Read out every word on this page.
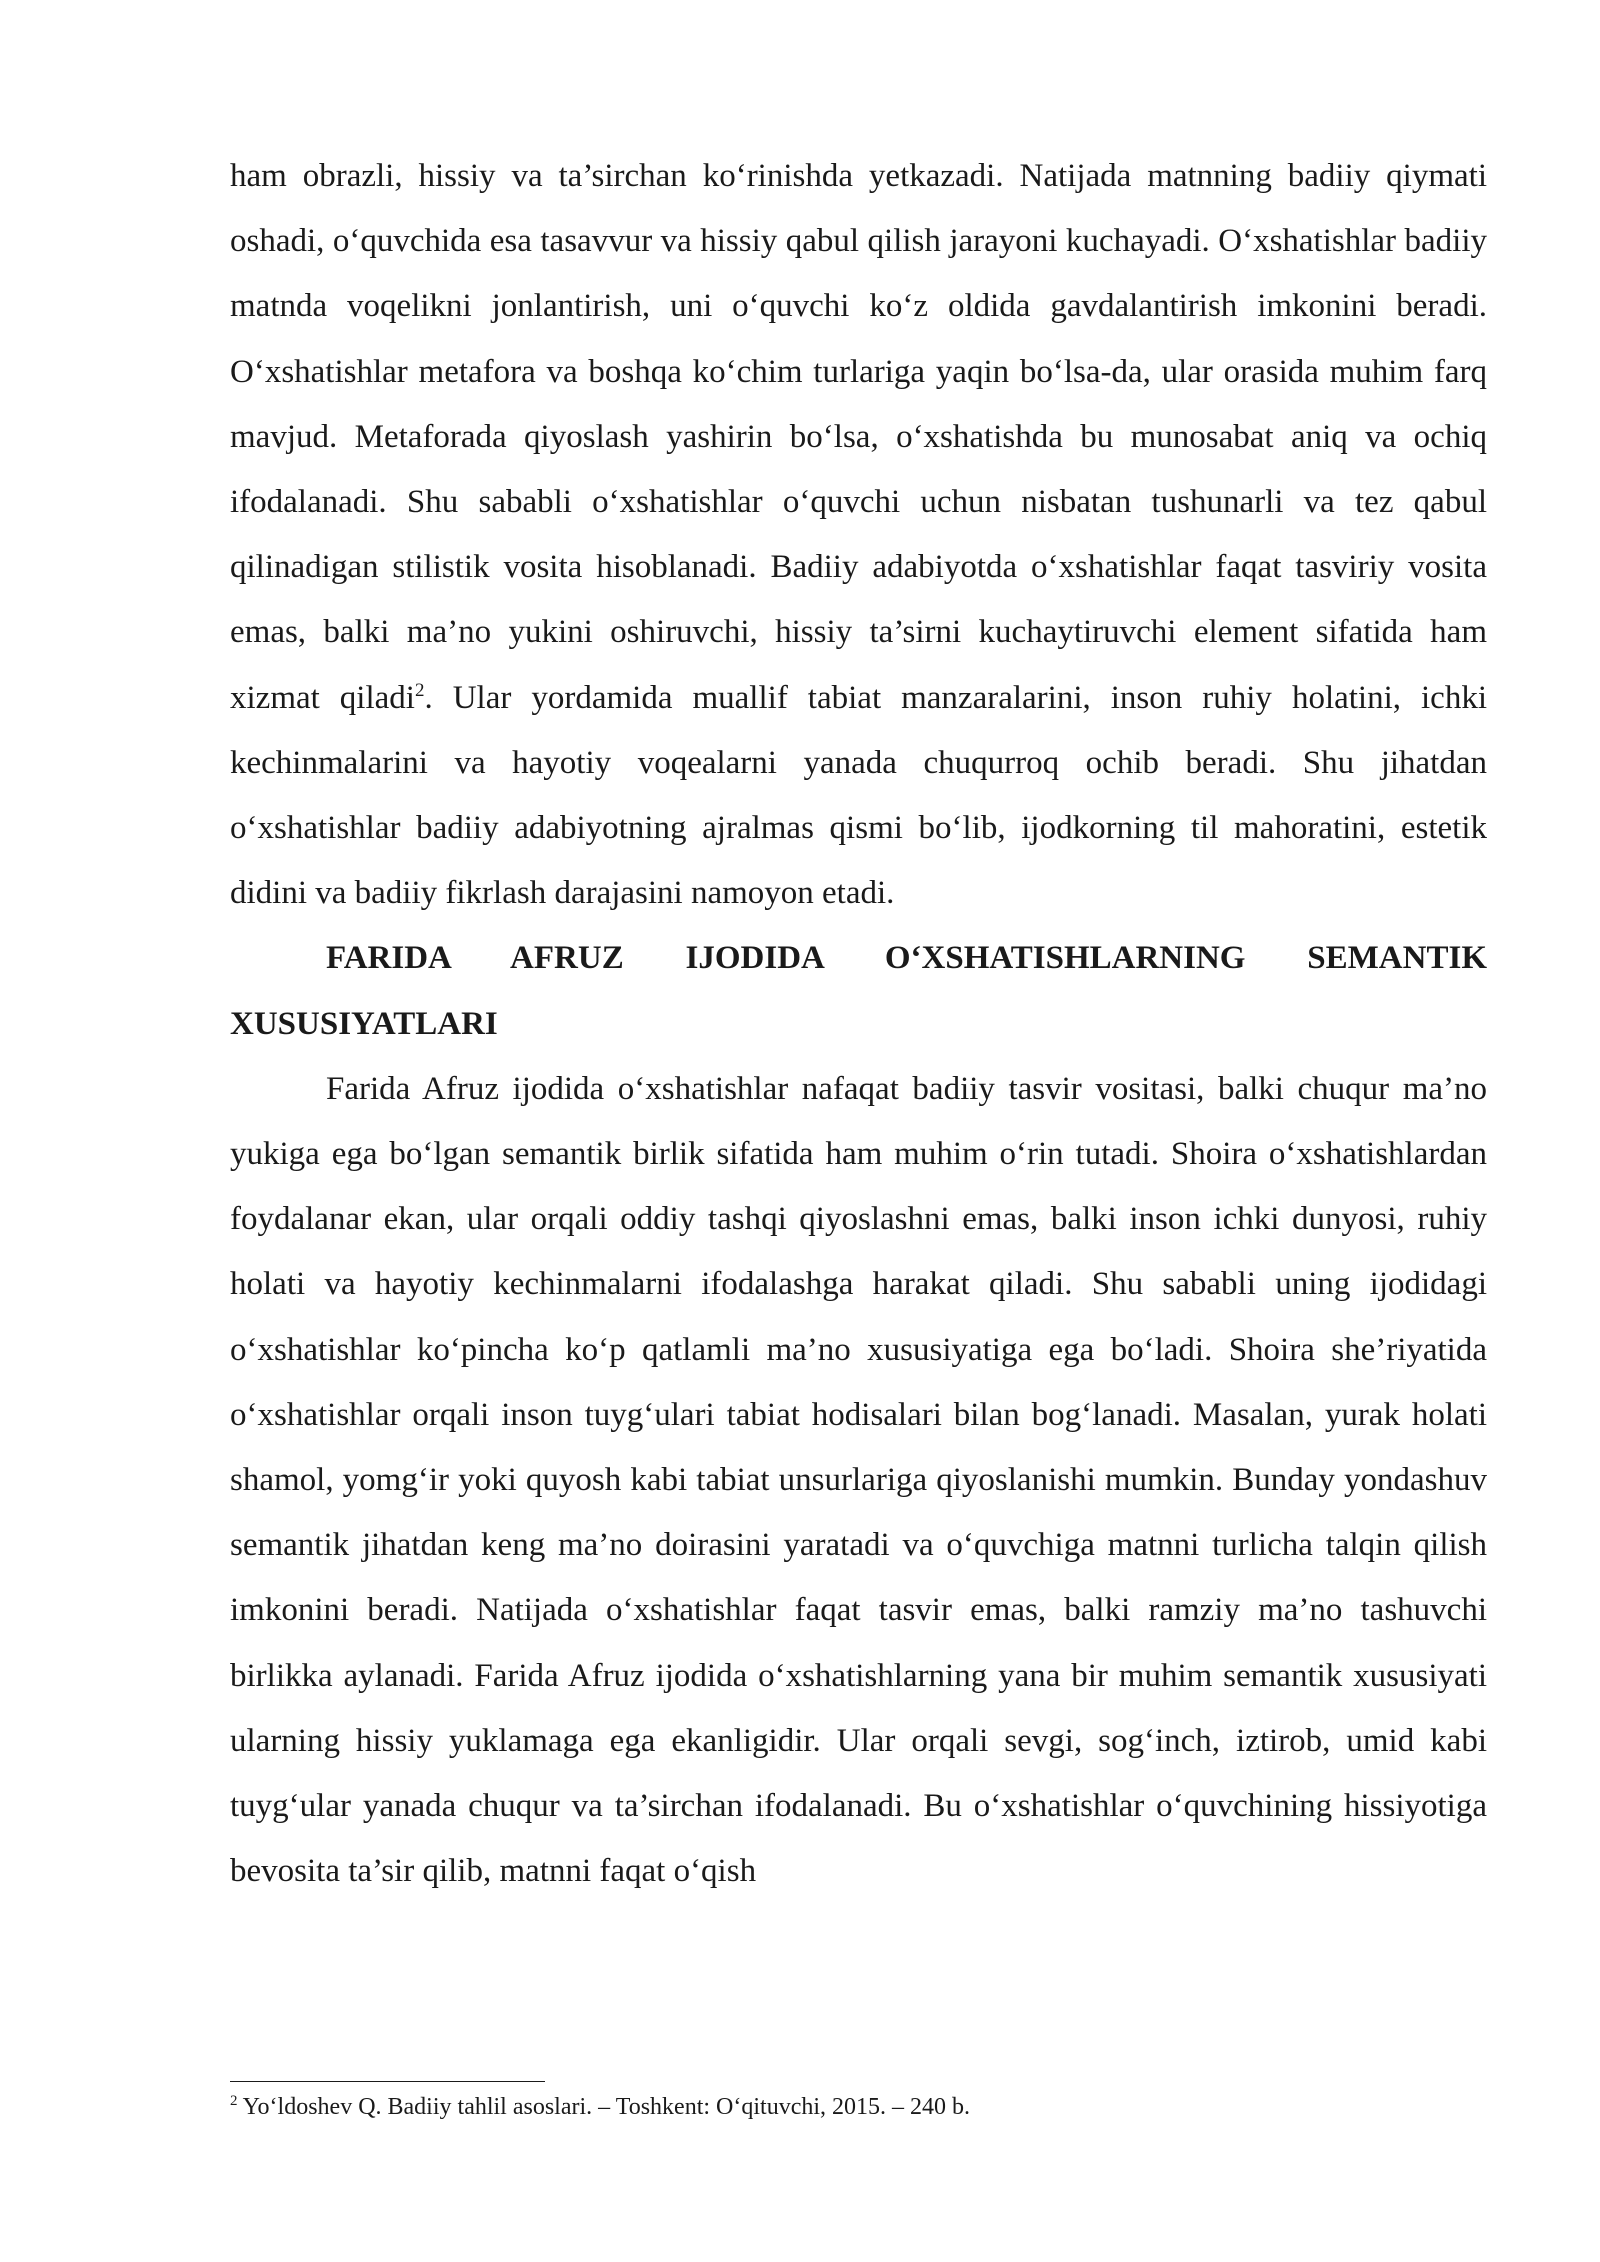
ham obrazli, hissiy va ta’sirchan ko‘rinishda yetkazadi. Natijada matnning badiiy qiymati oshadi, o‘quvchida esa tasavvur va hissiy qabul qilish jarayoni kuchayadi. O‘xshatishlar badiiy matnda voqelikni jonlantirish, uni o‘quvchi ko‘z oldida gavdalantirish imkonini beradi. O‘xshatishlar metafora va boshqa ko‘chim turlariga yaqin bo‘lsa-da, ular orasida muhim farq mavjud. Metaforada qiyoslash yashirin bo‘lsa, o‘xshatishda bu munosabat aniq va ochiq ifodalanadi. Shu sababli o‘xshatishlar o‘quvchi uchun nisbatan tushunarli va tez qabul qilinadigan stilistik vosita hisoblanadi. Badiiy adabiyotda o‘xshatishlar faqat tasviriy vosita emas, balki ma’no yukini oshiruvchi, hissiy ta’sirni kuchaytiruvchi element sifatida ham xizmat qiladi$^2$. Ular yordamida muallif tabiat manzaralarini, inson ruhiy holatini, ichki kechinmalarini va hayotiy voqealarni yanada chuqurroq ochib beradi. Shu jihatdan o‘xshatishlar badiiy adabiyotning ajralmas qismi bo‘lib, ijodkorning til mahoratini, estetik didini va badiiy fikrlash darajasini namoyon etadi.

FARIDA AFRUZ IJODIDA O‘XSHATISHLARNING SEMANTIK XUSUSIYATLARI

Farida Afruz ijodida o‘xshatishlar nafaqat badiiy tasvir vositasi, balki chuqur ma’no yukiga ega bo‘lgan semantik birlik sifatida ham muhim o‘rin tutadi. Shoira o‘xshatishlardan foydalanar ekan, ular orqali oddiy tashqi qiyoslashni emas, balki inson ichki dunyosi, ruhiy holati va hayotiy kechinmalarni ifodalashga harakat qiladi. Shu sababli uning ijodidagi o‘xshatishlar ko‘pincha ko‘p qatlamli ma’no xususiyatiga ega bo‘ladi. Shoira she’riyatida o‘xshatishlar orqali inson tuyg‘ulari tabiat hodisalari bilan bog‘lanadi. Masalan, yurak holati shamol, yomg‘ir yoki quyosh kabi tabiat unsurlariga qiyoslanishi mumkin. Bunday yondashuv semantik jihatdan keng ma’no doirasini yaratadi va o‘quvchiga matnni turlicha talqin qilish imkonini beradi. Natijada o‘xshatishlar faqat tasvir emas, balki ramziy ma’no tashuvchi birlikka aylanadi. Farida Afruz ijodida o‘xshatishlarning yana bir muhim semantik xususiyati ularning hissiy yuklamaga ega ekanligidir. Ular orqali sevgi, sog‘inch, iztirob, umid kabi tuyg‘ular yanada chuqur va ta’sirchan ifodalanadi. Bu o‘xshatishlar o‘quvchining hissiyotiga bevosita ta’sir qilib, matnni faqat o‘qish

$^2$ Yo‘ldoshev Q. Badiiy tahlil asoslari. – Toshkent: O‘qituvchi, 2015. – 240 b.
